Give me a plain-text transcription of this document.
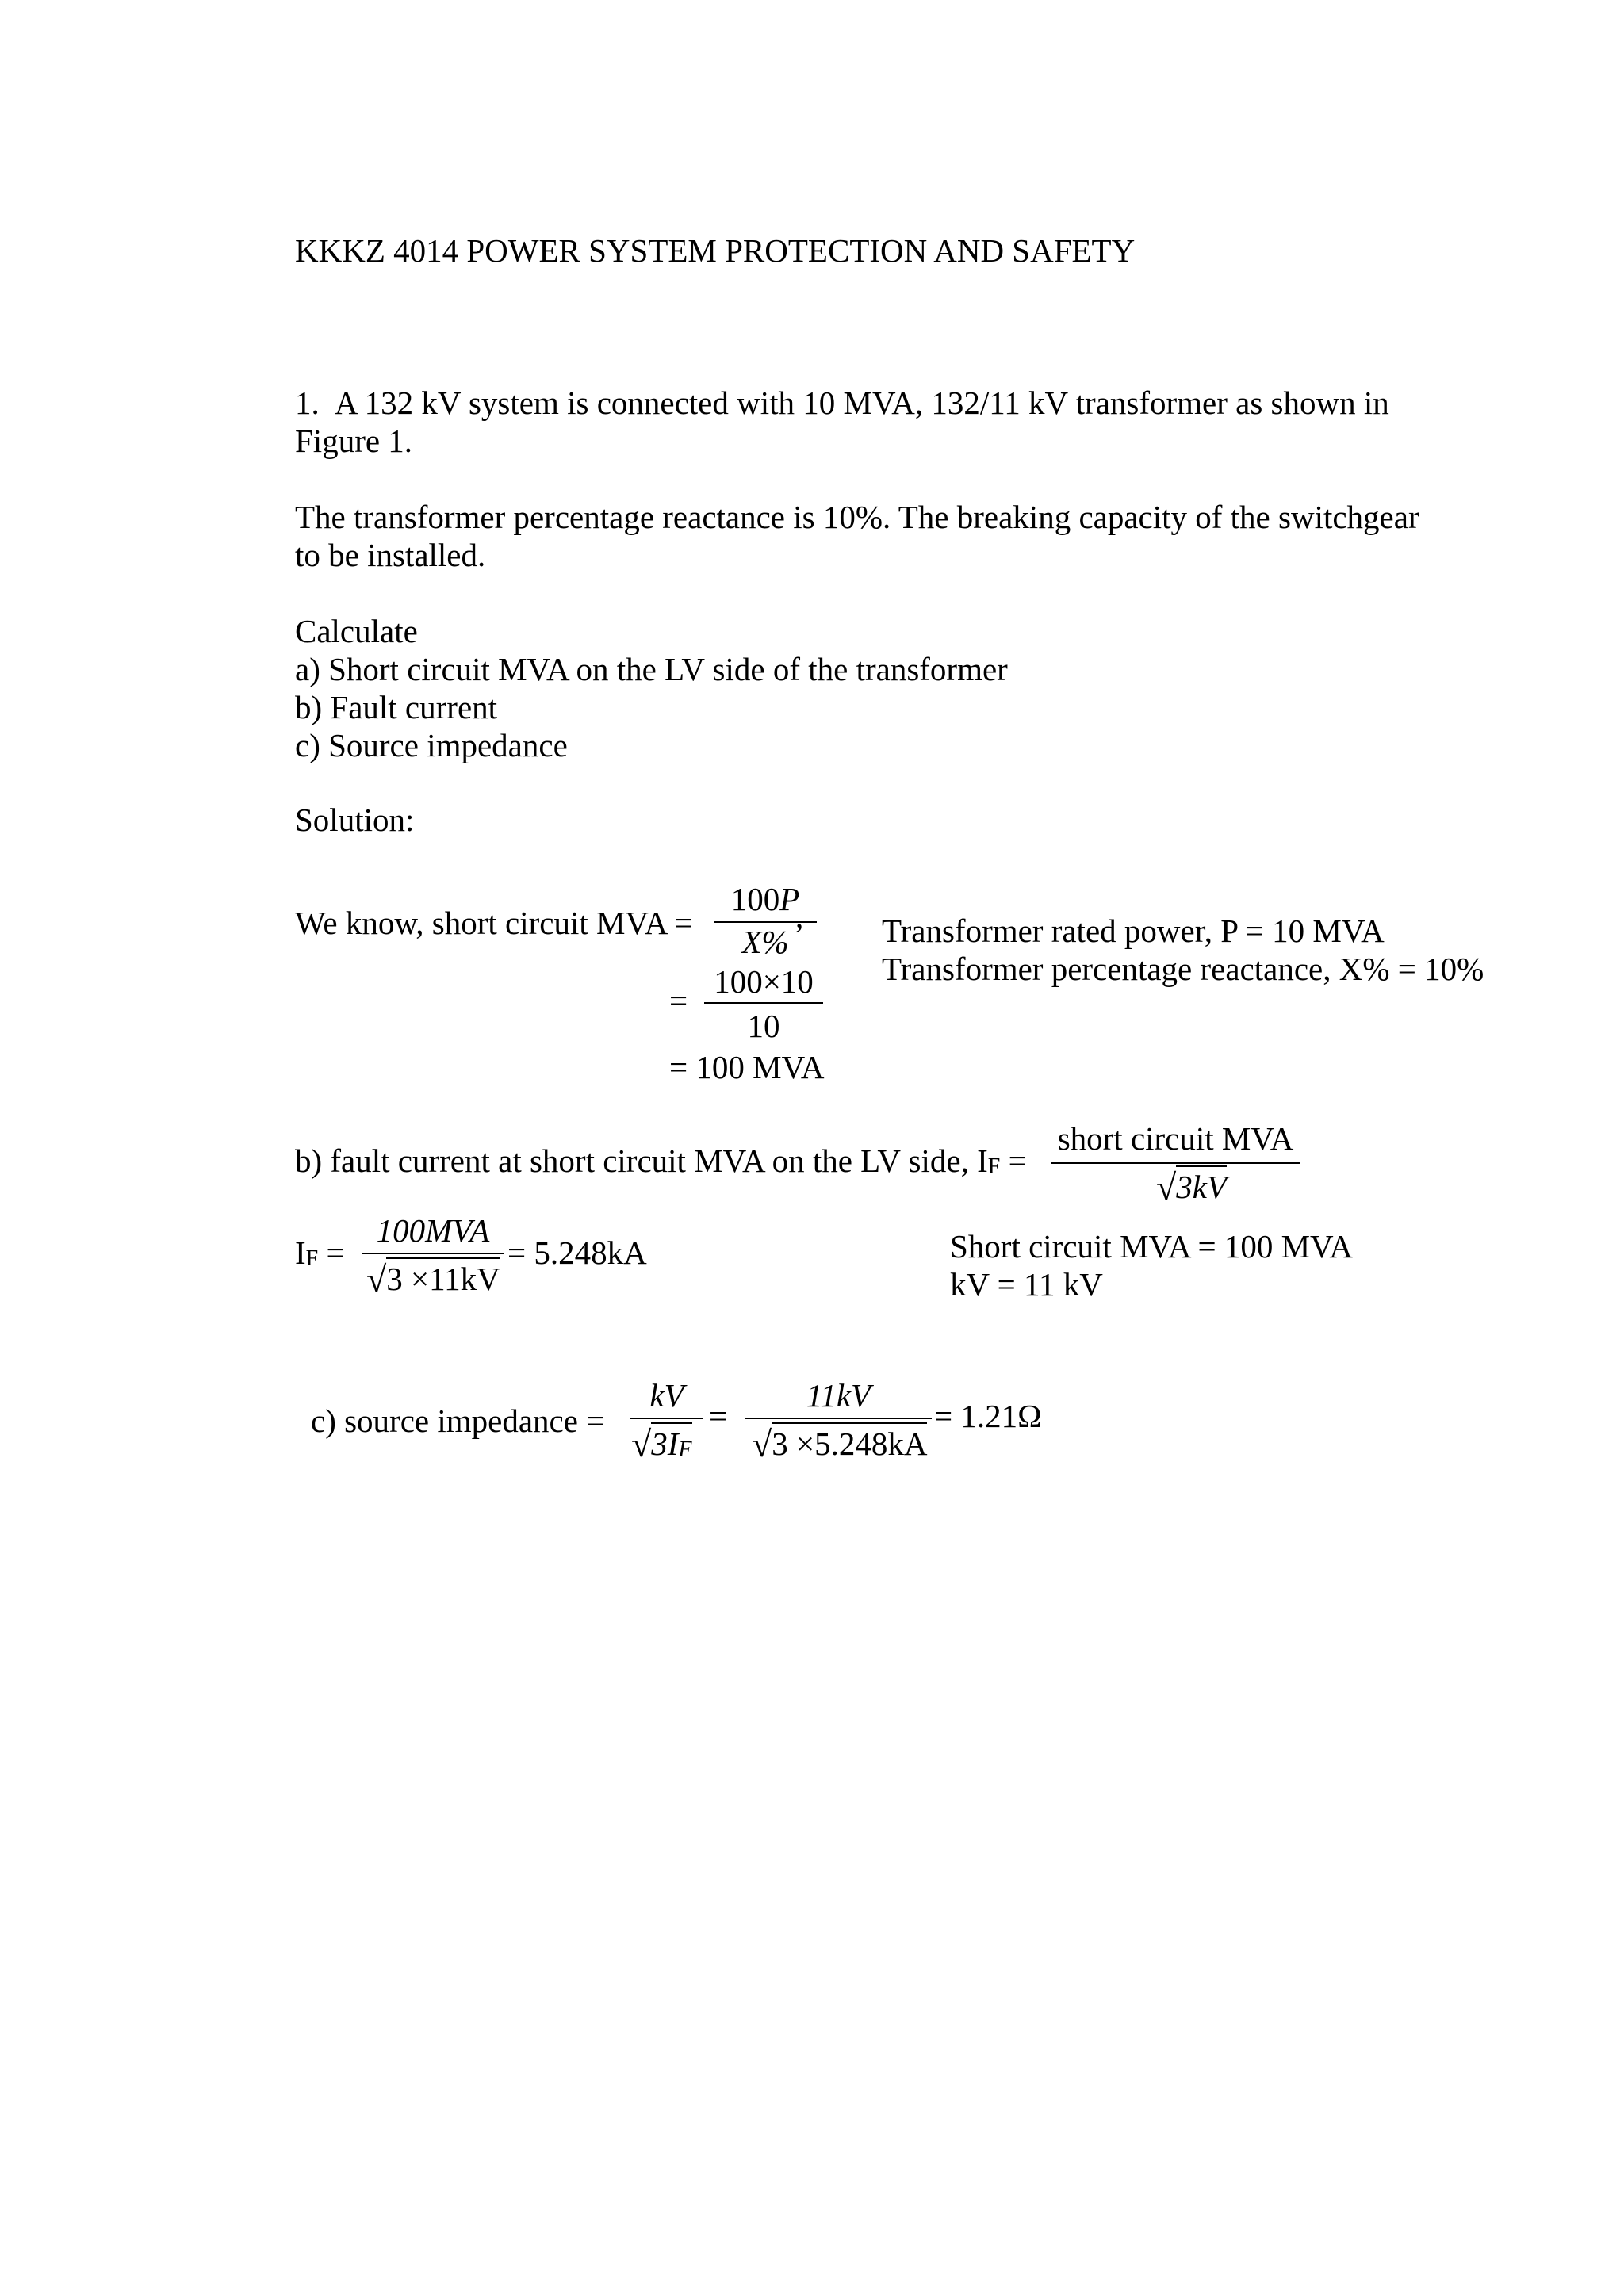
KKKZ 4014 POWER SYSTEM PROTECTION AND SAFETY
1. A 132 kV system is connected with 10 MVA, 132/11 kV transformer as shown in
Figure 1.
The transformer percentage reactance is 10%. The breaking capacity of the switchgear
to be installed.
Calculate
a) Short circuit MVA on the LV side of the transformer
b) Fault current
c) Source impedance
Solution:
We know, short circuit MVA =
100P
X%
,
=
100×10
10
= 100 MVA
Transformer rated power, P = 10 MVA
Transformer percentage reactance, X% = 10%
b) fault current at short circuit MVA on the LV side, IF =
short circuit MVA
√3kV
IF =
100MVA
√3 ×11kV
= 5.248kA	Short circuit MVA = 100 MVA
kV = 11 kV
c) source impedance =
kV
√3IF
=
11kV
√3 ×5.248kA
= 1.21Ω
